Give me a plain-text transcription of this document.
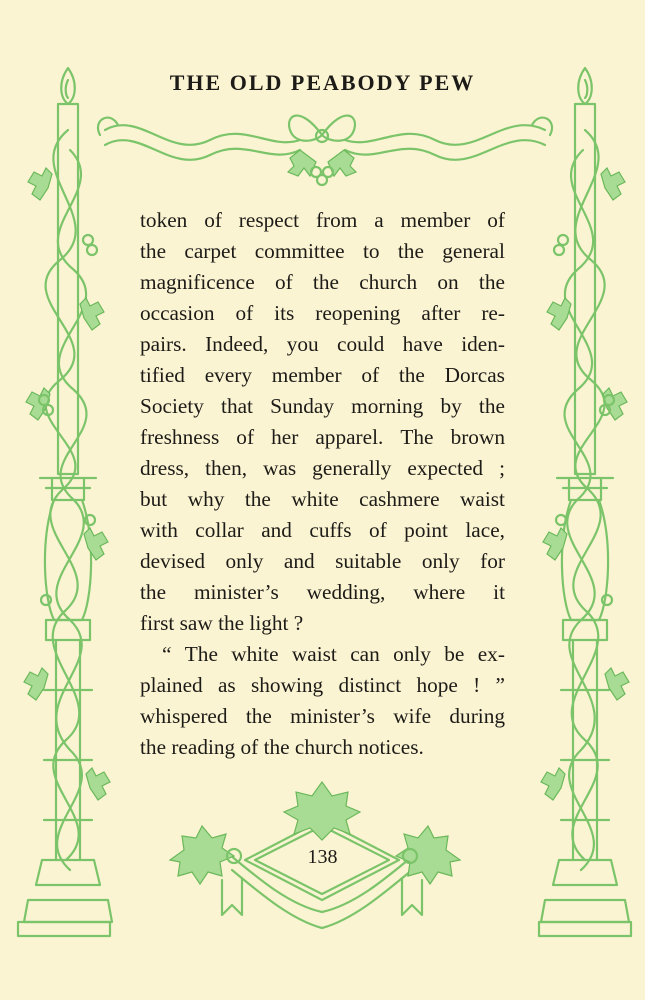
THE OLD PEABODY PEW
token of respect from a member of
the carpet committee to the general
magnificence of the church on the
occasion of its reopening after re-
pairs. Indeed, you could have iden-
tified every member of the Dorcas
Society that Sunday morning by the
freshness of her apparel. The brown
dress, then, was generally expected ;
but why the white cashmere waist
with collar and cuffs of point lace,
devised only and suitable only for
the minister’s wedding, where it
first saw the light ?
“ The white waist can only be ex-
plained as showing distinct hope ! ”
whispered the minister’s wife during
the reading of the church notices.
138
